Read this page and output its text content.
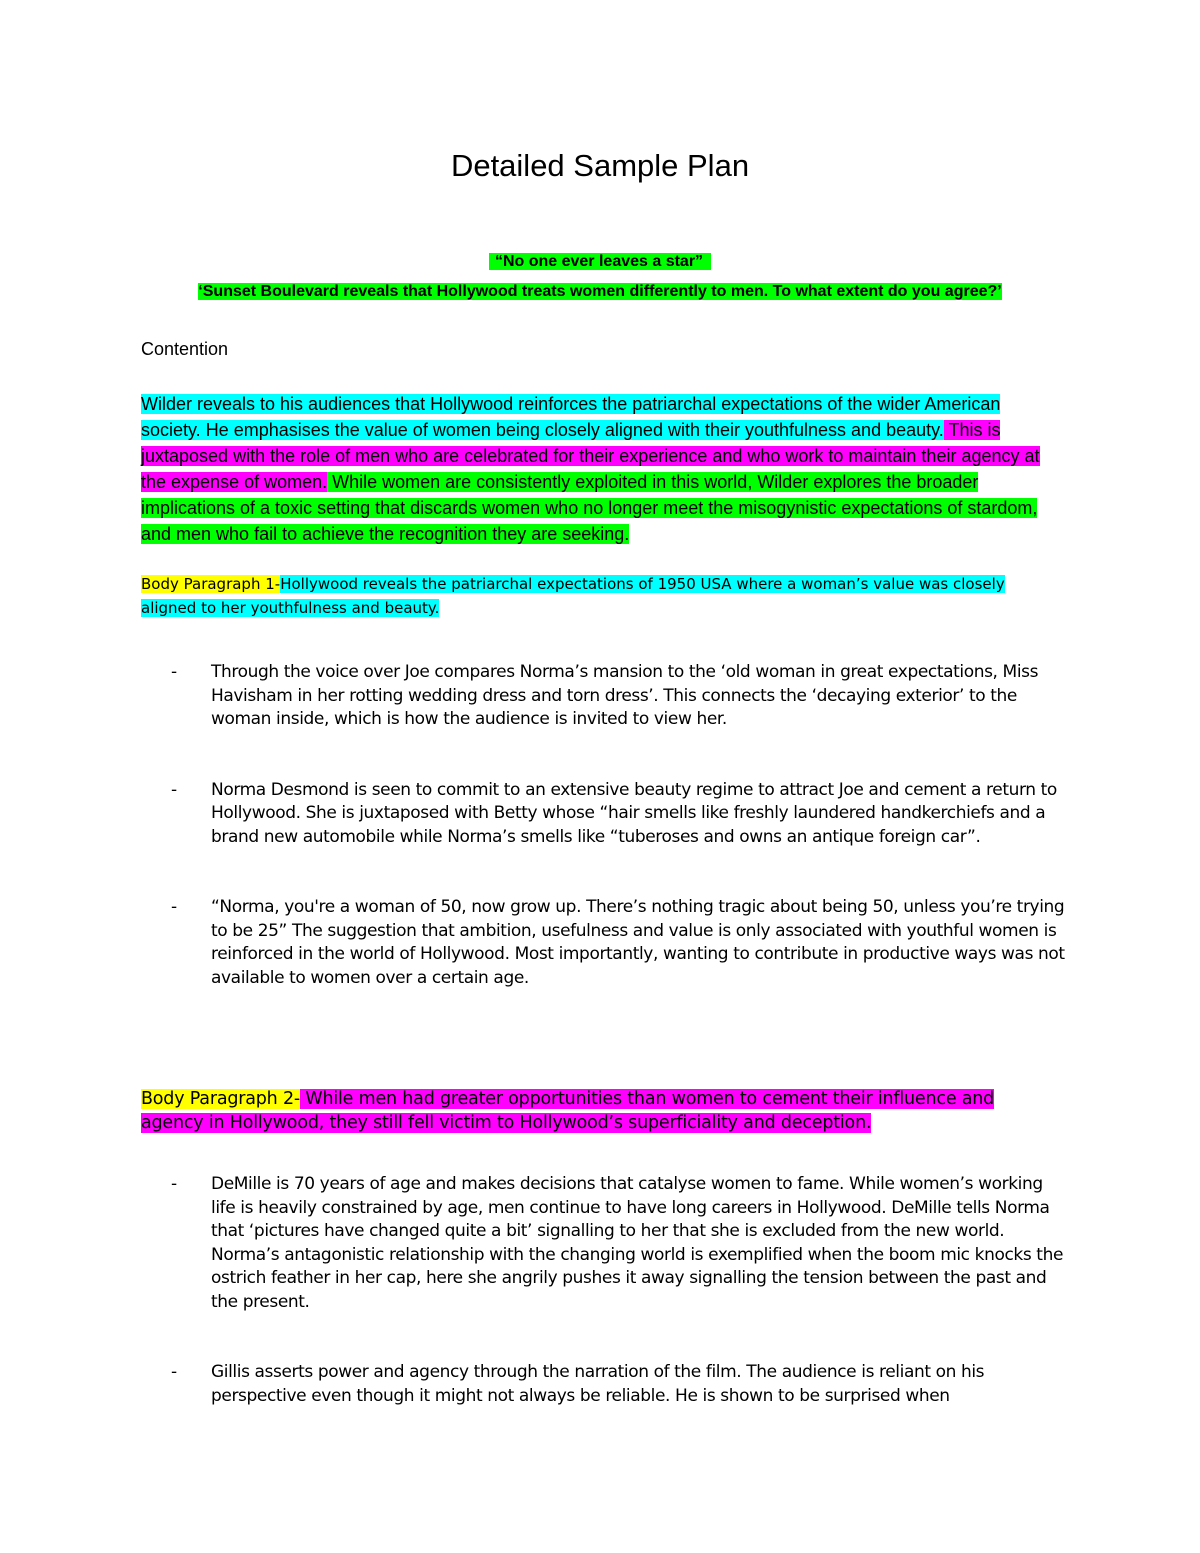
Detailed Sample Plan
“No one ever leaves a star”
‘Sunset Boulevard reveals that Hollywood treats women differently to men. To what extent do you agree?’
Contention
Wilder reveals to his audiences that Hollywood reinforces the patriarchal expectations of the wider American society. He emphasises the value of women being closely aligned with their youthfulness and beauty. This is juxtaposed with the role of men who are celebrated for their experience and who work to maintain their agency at the expense of women. While women are consistently exploited in this world, Wilder explores the broader implications of a toxic setting that discards women who no longer meet the misogynistic expectations of stardom, and men who fail to achieve the recognition they are seeking.
Body Paragraph 1-Hollywood reveals the patriarchal expectations of 1950 USA where a woman’s value was closely aligned to her youthfulness and beauty.
- Through the voice over Joe compares Norma’s mansion to the ‘old woman in great expectations, Miss Havisham in her rotting wedding dress and torn dress’. This connects the ‘decaying exterior’ to the woman inside, which is how the audience is invited to view her.
- Norma Desmond is seen to commit to an extensive beauty regime to attract Joe and cement a return to Hollywood. She is juxtaposed with Betty whose “hair smells like freshly laundered handkerchiefs and a brand new automobile while Norma’s smells like “tuberoses and owns an antique foreign car”.
- “Norma, you're a woman of 50, now grow up. There’s nothing tragic about being 50, unless you’re trying to be 25” The suggestion that ambition, usefulness and value is only associated with youthful women is reinforced in the world of Hollywood. Most importantly, wanting to contribute in productive ways was not available to women over a certain age.
Body Paragraph 2- While men had greater opportunities than women to cement their influence and agency in Hollywood, they still fell victim to Hollywood’s superficiality and deception.
- DeMille is 70 years of age and makes decisions that catalyse women to fame. While women’s working life is heavily constrained by age, men continue to have long careers in Hollywood. DeMille tells Norma that ‘pictures have changed quite a bit’ signalling to her that she is excluded from the new world. Norma’s antagonistic relationship with the changing world is exemplified when the boom mic knocks the ostrich feather in her cap, here she angrily pushes it away signalling the tension between the past and the present.
- Gillis asserts power and agency through the narration of the film. The audience is reliant on his perspective even though it might not always be reliable. He is shown to be surprised when
